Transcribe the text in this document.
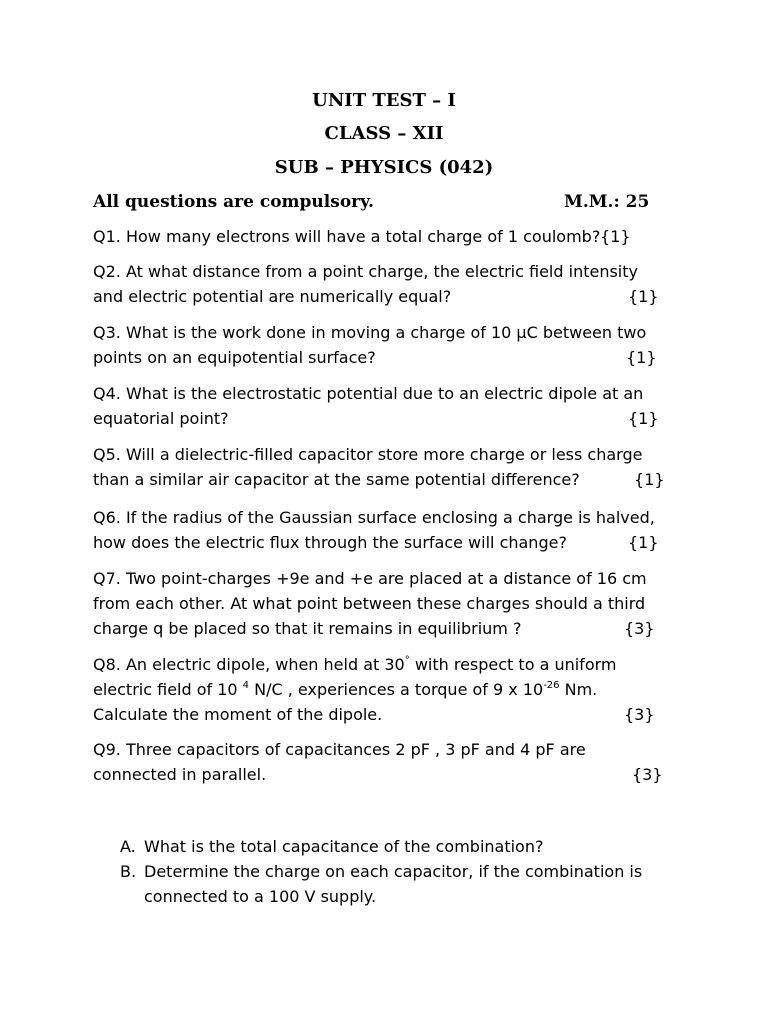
UNIT TEST – I
CLASS – XII
SUB – PHYSICS (042)
All questions are compulsory.	M.M.: 25
Q1. How many electrons will have a total charge of 1 coulomb? {1}
Q2. At what distance from a point charge, the electric field intensity
and electric potential are numerically equal?	{1}
Q3. What is the work done in moving a charge of 10 µC between two
points on an equipotential surface?	{1}
Q4. What is the electrostatic potential due to an electric dipole at an
equatorial point?	{1}
Q5. Will a dielectric-filled capacitor store more charge or less charge
than a similar air capacitor at the same potential difference?	{1}
Q6. If the radius of the Gaussian surface enclosing a charge is halved,
how does the electric flux through the surface will change?	{1}
Q7. Two point-charges +9e and +e are placed at a distance of 16 cm
from each other. At what point between these charges should a third
charge q be placed so that it remains in equilibrium ?	{3}
Q8. An electric dipole, when held at 30° with respect to a uniform
electric field of 10 $^4$ N/C , experiences a torque of 9 x $10^{-26}$ Nm.
Calculate the moment of the dipole.	{3}
Q9. Three capacitors of capacitances 2 pF , 3 pF and 4 pF are
connected in parallel.	{3}
A. What is the total capacitance of the combination?
B. Determine the charge on each capacitor, if the combination is
connected to a 100 V supply.
